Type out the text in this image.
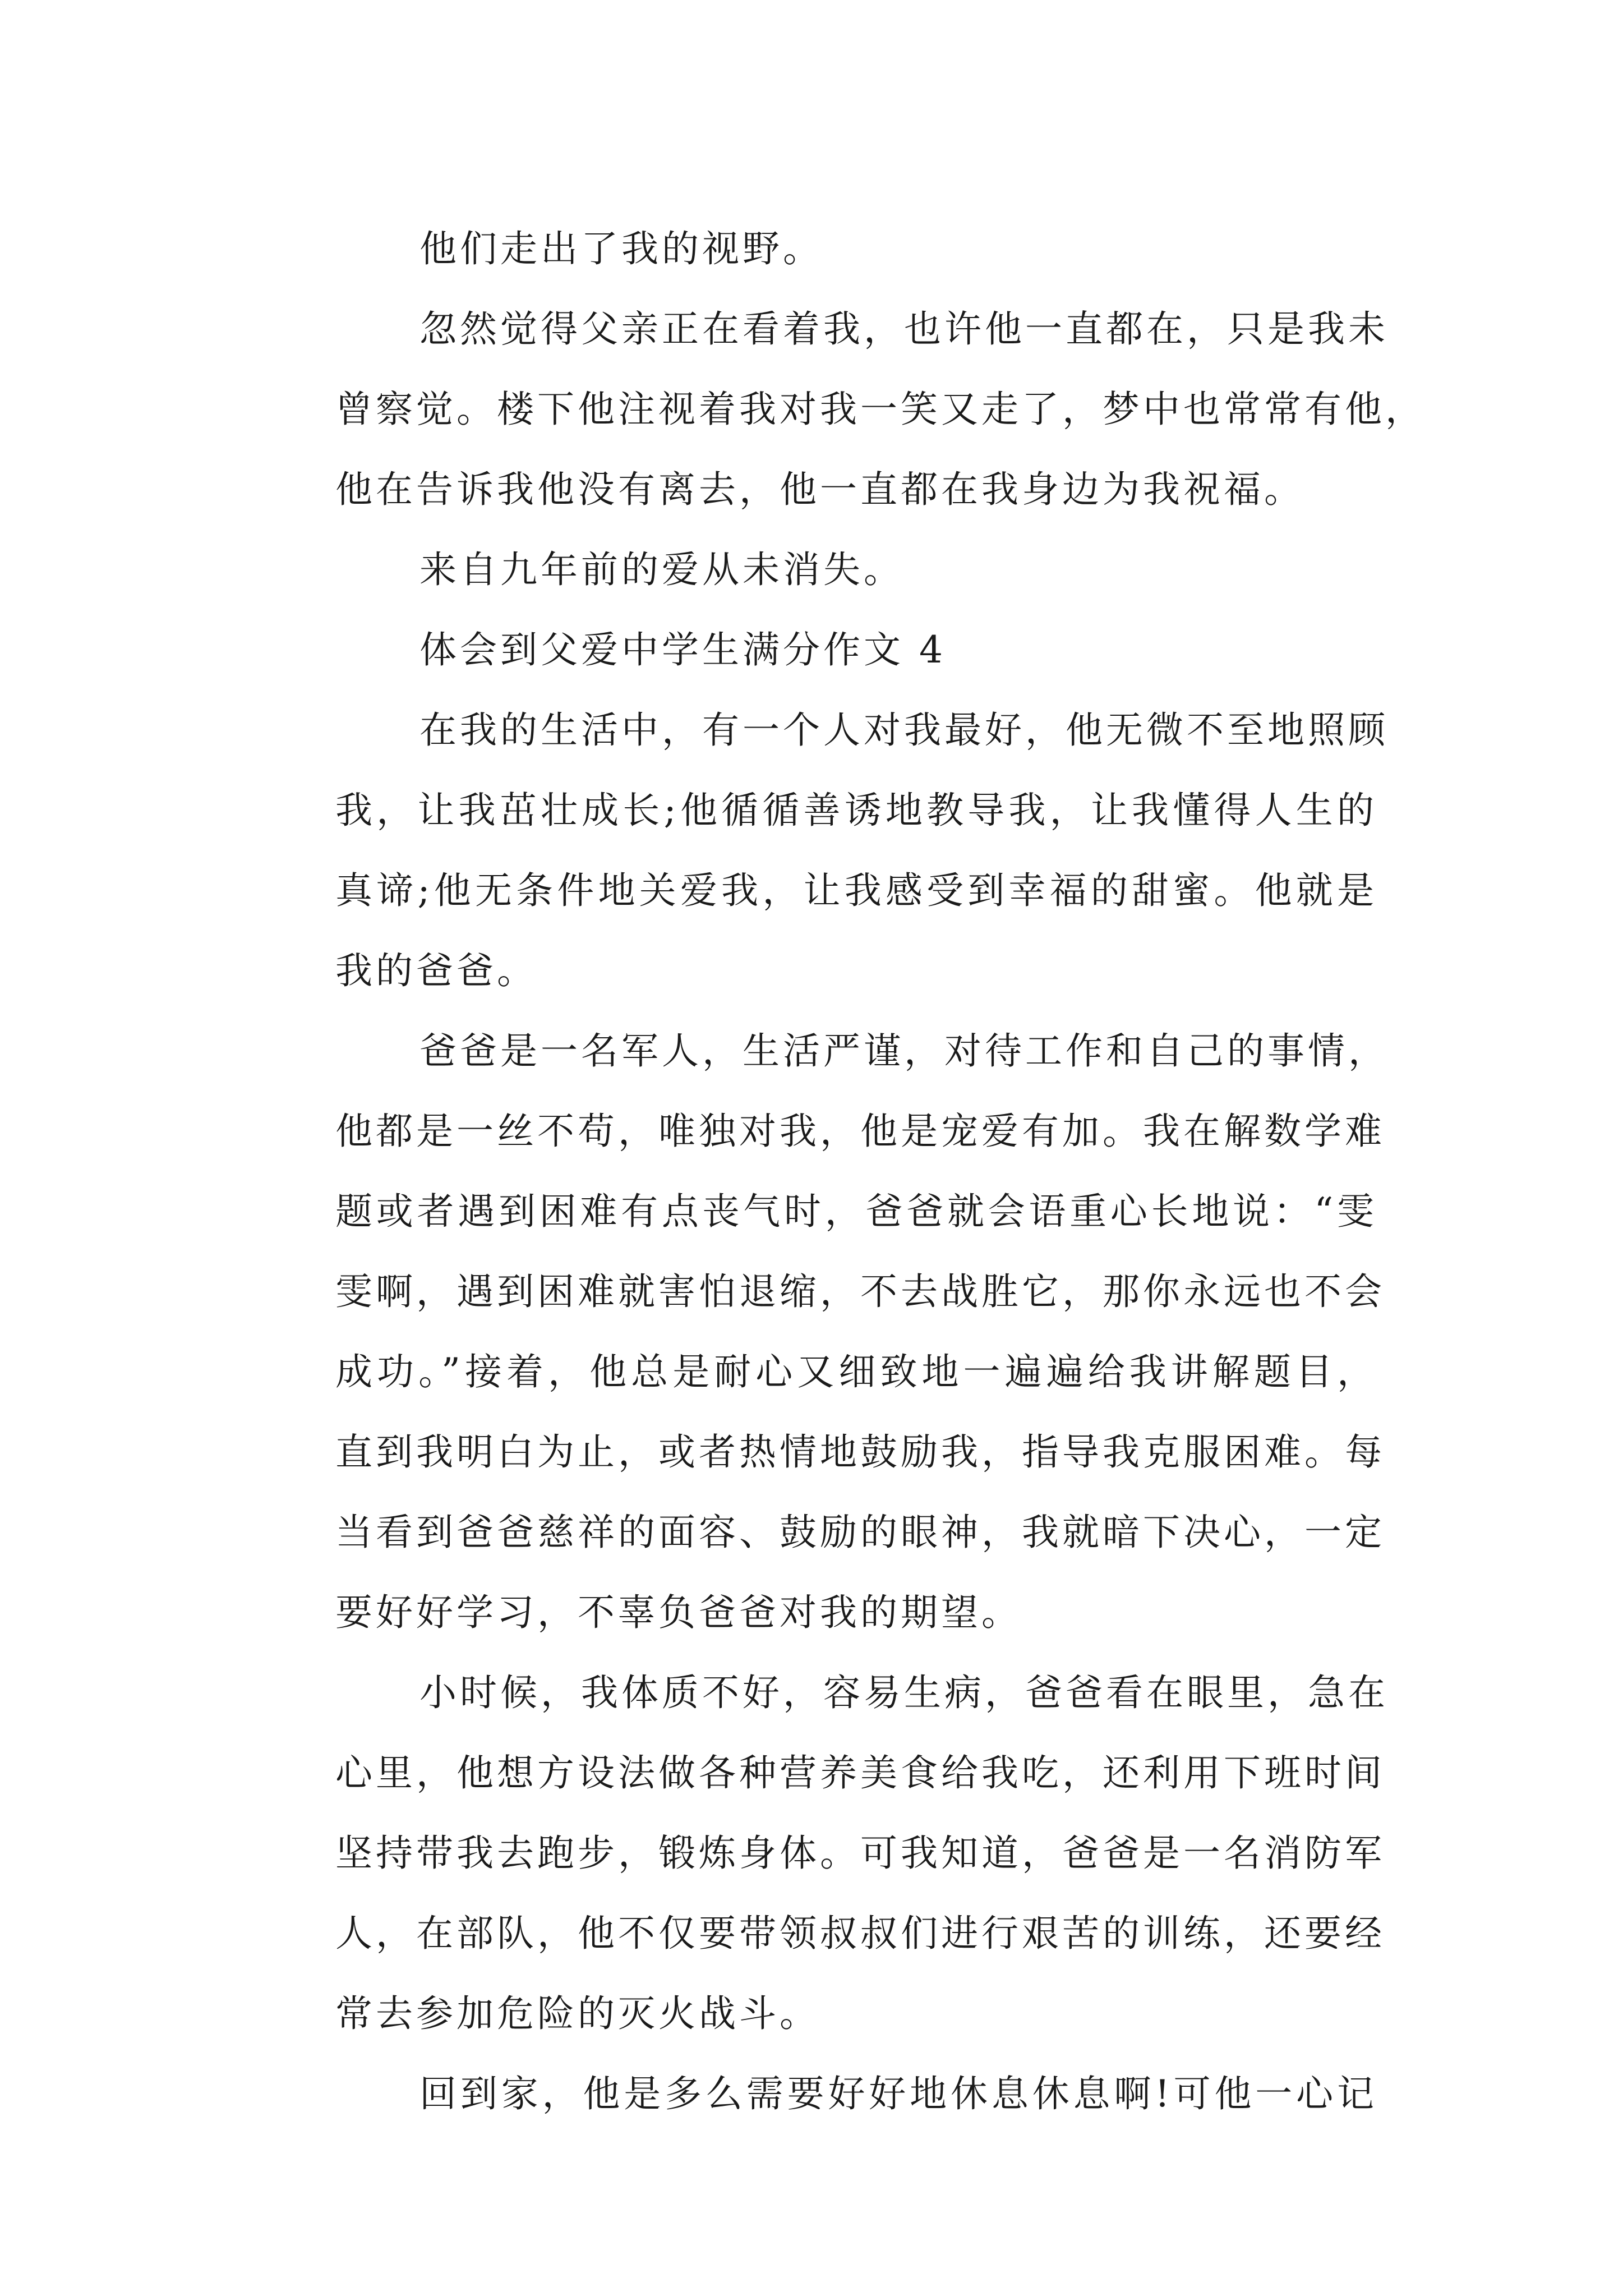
他们走出了我的视野。
忽然觉得父亲正在看着我，也许他一直都在，只是我未
曾察觉。楼下他注视着我对我一笑又走了，梦中也常常有他，
他在告诉我他没有离去，他一直都在我身边为我祝福。
来自九年前的爱从未消失。
体会到父爱中学生满分作文 4
在我的生活中，有一个人对我最好，他无微不至地照顾
我，让我茁壮成长;他循循善诱地教导我，让我懂得人生的
真谛;他无条件地关爱我，让我感受到幸福的甜蜜。他就是
我的爸爸。
爸爸是一名军人，生活严谨，对待工作和自己的事情，
他都是一丝不苟，唯独对我，他是宠爱有加。我在解数学难
题或者遇到困难有点丧气时，爸爸就会语重心长地说：“雯
雯啊，遇到困难就害怕退缩，不去战胜它，那你永远也不会
成功。”接着，他总是耐心又细致地一遍遍给我讲解题目，
直到我明白为止，或者热情地鼓励我，指导我克服困难。每
当看到爸爸慈祥的面容、鼓励的眼神，我就暗下决心，一定
要好好学习，不辜负爸爸对我的期望。
小时候，我体质不好，容易生病，爸爸看在眼里，急在
心里，他想方设法做各种营养美食给我吃，还利用下班时间
坚持带我去跑步，锻炼身体。可我知道，爸爸是一名消防军
人，在部队，他不仅要带领叔叔们进行艰苦的训练，还要经
常去参加危险的灭火战斗。
回到家，他是多么需要好好地休息休息啊!可他一心记
